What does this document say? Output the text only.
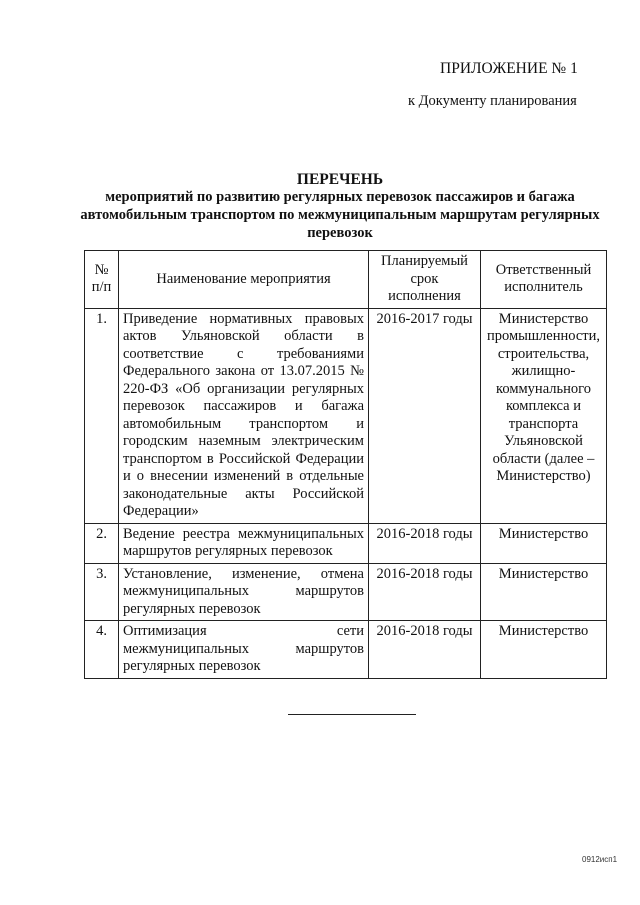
ПРИЛОЖЕНИЕ № 1
к Документу планирования
ПЕРЕЧЕНЬ
мероприятий по развитию регулярных перевозок пассажиров и багажа автомобильным транспортом по межмуниципальным маршрутам регулярных перевозок
№ п/п	Наименование мероприятия	Планируемый срок исполнения	Ответственный исполнитель
1.	Приведение нормативных правовых актов Ульяновской области в соответствие с требованиями Федерального закона от 13.07.2015 № 220-ФЗ «Об организации регулярных перевозок пассажиров и багажа автомобильным транспортом и городским наземным электрическим транспортом в Российской Федерации и о внесении изменений в отдельные законодательные акты Российской Федерации»	2016-2017 годы	Министерство промышленности, строительства, жилищно-коммунального комплекса и транспорта Ульяновской области (далее – Министерство)
2.	Ведение реестра межмуниципальных маршрутов регулярных перевозок	2016-2018 годы	Министерство
3.	Установление, изменение, отмена межмуниципальных маршрутов регулярных перевозок	2016-2018 годы	Министерство
4.	Оптимизация сети межмуниципальных маршрутов регулярных перевозок	2016-2018 годы	Министерство
0912исп1
